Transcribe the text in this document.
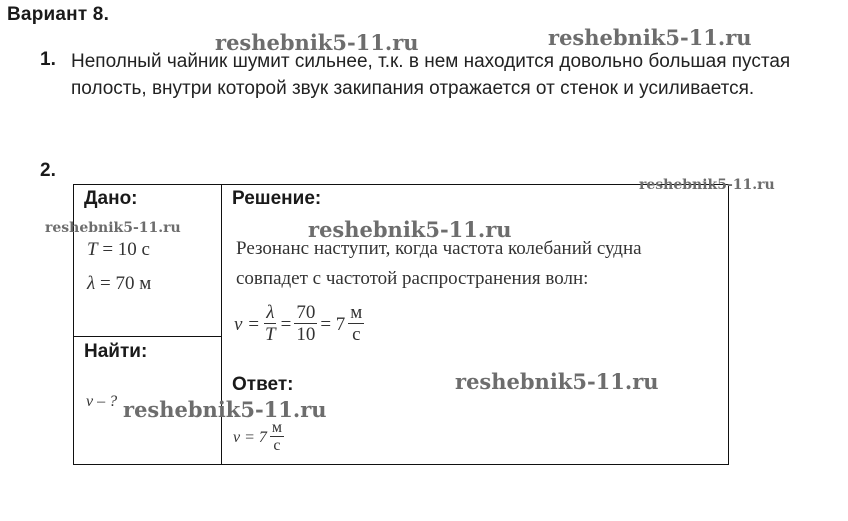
Вариант 8.
1. Неполный чайник шумит сильнее, т.к. в нем находится довольно большая пустая полость, внутри которой звук закипания отражается от стенок и усиливается.
2.
Дано:
T = 10 с
λ = 70 м
Найти:
v – ?
Решение:
Резонанс наступит, когда частота колебаний судна
совпадет с частотой распространения волн:
$v = \frac{\lambda}{T} = \frac{70}{10} = 7 \frac{м}{с}$
Ответ:
$v = 7 \frac{м}{с}$
reshebnik5-11.ru	reshebnik5-11.ru
reshebnik5-11.ru
reshebnik5-11.ru	reshebnik5-11.ru
reshebnik5-11.ru
reshebnik5-11.ru
